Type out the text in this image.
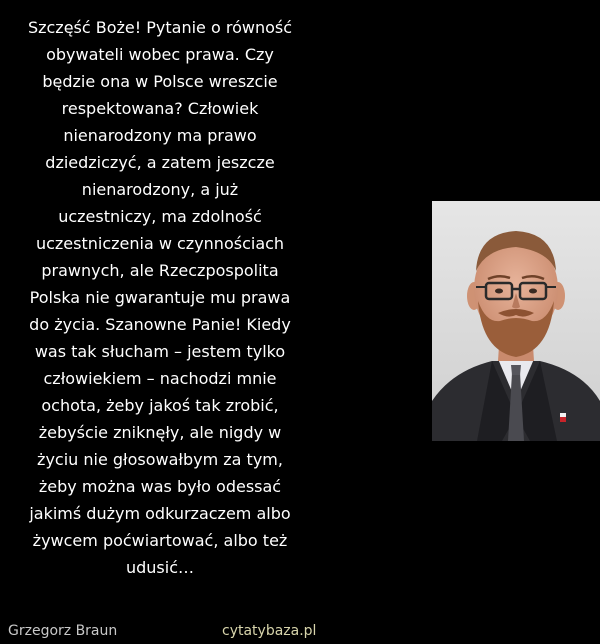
Szczęść Boże! Pytanie o równość
obywateli wobec prawa. Czy
będzie ona w Polsce wreszcie
respektowana? Człowiek
nienarodzony ma prawo
dziedziczyć, a zatem jeszcze
nienarodzony, a już
uczestniczy, ma zdolność
uczestniczenia w czynnościach
prawnych, ale Rzeczpospolita
Polska nie gwarantuje mu prawa
do życia. Szanowne Panie! Kiedy
was tak słucham – jestem tylko
człowiekiem – nachodzi mnie
ochota, żeby jakoś tak zrobić,
żebyście zniknęły, ale nigdy w
życiu nie głosowałbym za tym,
żeby można was było odessać
jakimś dużym odkurzaczem albo
żywcem poćwiartować, albo też
udusić…
Grzegorz Braun	cytatybaza.pl
